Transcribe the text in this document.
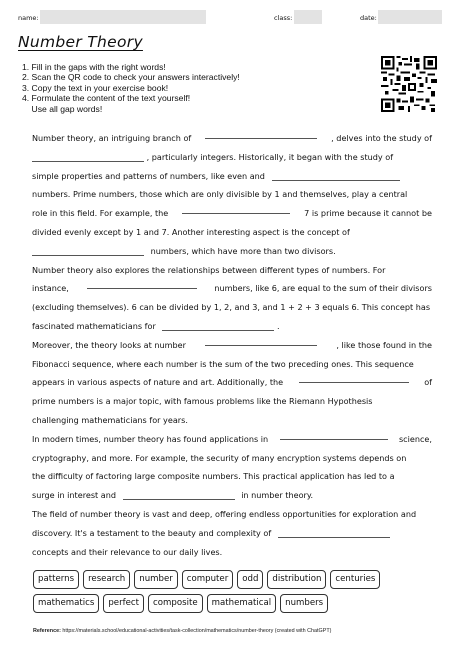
name:	class:	date:
Number Theory
1. Fill in the gaps with the right words!
2. Scan the QR code to check your answers interactively!
3. Copy the text in your exercise book!
4. Formulate the content of the text yourself!
Use all gap words!
Number theory, an intriguing branch of	, delves into the study of
, particularly integers. Historically, it began with the study of
simple properties and patterns of numbers, like even and
numbers. Prime numbers, those which are only divisible by 1 and themselves, play a central
role in this field. For example, the	7 is prime because it cannot be
divided evenly except by 1 and 7. Another interesting aspect is the concept of
numbers, which have more than two divisors.
Number theory also explores the relationships between different types of numbers. For
instance,	numbers, like 6, are equal to the sum of their divisors
(excluding themselves). 6 can be divided by 1, 2, and 3, and 1 + 2 + 3 equals 6. This concept has
fascinated mathematicians for	.
Moreover, the theory looks at number	, like those found in the
Fibonacci sequence, where each number is the sum of the two preceding ones. This sequence
appears in various aspects of nature and art. Additionally, the	of
prime numbers is a major topic, with famous problems like the Riemann Hypothesis
challenging mathematicians for years.
In modern times, number theory has found applications in	science,
cryptography, and more. For example, the security of many encryption systems depends on
the difficulty of factoring large composite numbers. This practical application has led to a
surge in interest and	in number theory.
The field of number theory is vast and deep, offering endless opportunities for exploration and
discovery. It's a testament to the beauty and complexity of
concepts and their relevance to our daily lives.
patterns	research	number	computer	odd	distribution	centuries
mathematics	perfect	composite	mathematical	numbers
Reference: https://materials.school/educational-activities/task-collection/mathematics/number-theory (created with ChatGPT)
